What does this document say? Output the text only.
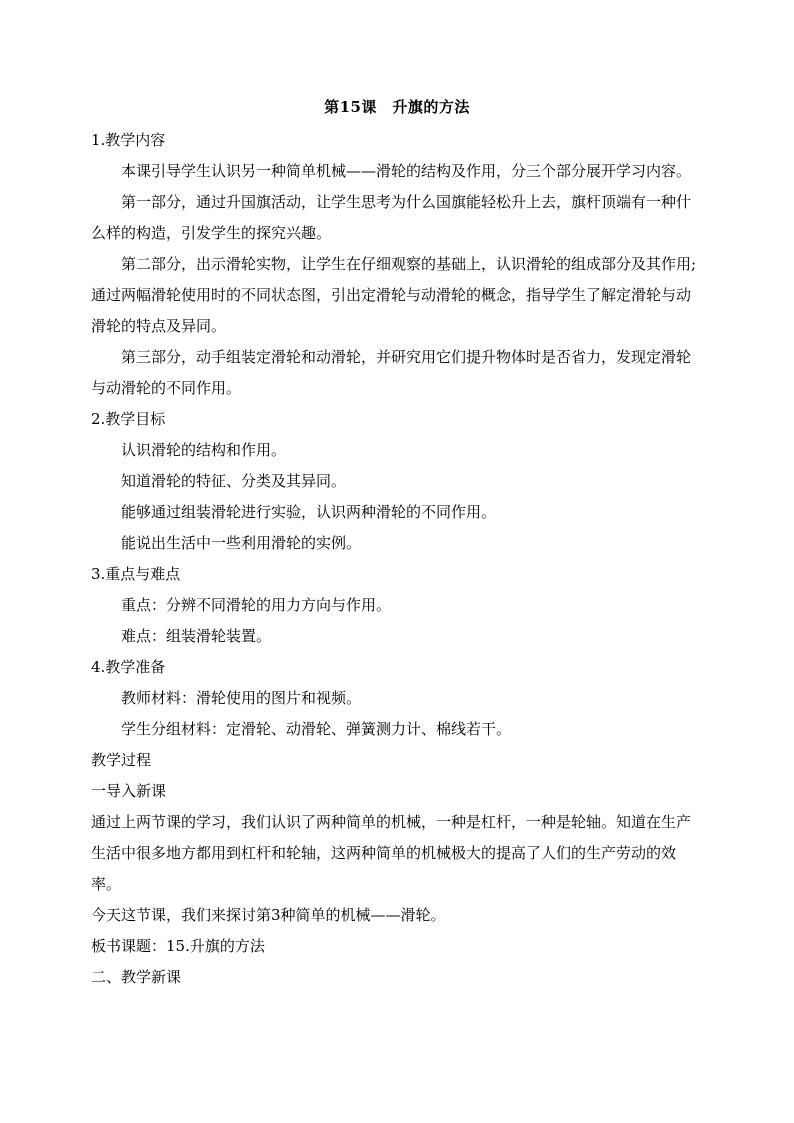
第15课　升旗的方法

1.教学内容

本课引导学生认识另一种简单机械——滑轮的结构及作用，分三个部分展开学习内容。

第一部分，通过升国旗活动，让学生思考为什么国旗能轻松升上去，旗杆顶端有一种什么样的构造，引发学生的探究兴趣。

第二部分，出示滑轮实物，让学生在仔细观察的基础上，认识滑轮的组成部分及其作用;通过两幅滑轮使用时的不同状态图，引出定滑轮与动滑轮的概念，指导学生了解定滑轮与动滑轮的特点及异同。

第三部分，动手组装定滑轮和动滑轮，并研究用它们提升物体时是否省力，发现定滑轮与动滑轮的不同作用。

2.教学目标

认识滑轮的结构和作用。

知道滑轮的特征、分类及其异同。

能够通过组装滑轮进行实验，认识两种滑轮的不同作用。

能说出生活中一些利用滑轮的实例。

3.重点与难点

重点：分辨不同滑轮的用力方向与作用。

难点：组装滑轮装置。

4.教学准备

教师材料：滑轮使用的图片和视频。

学生分组材料：定滑轮、动滑轮、弹簧测力计、棉线若干。

教学过程

一导入新课

通过上两节课的学习，我们认识了两种简单的机械，一种是杠杆，一种是轮轴。知道在生产生活中很多地方都用到杠杆和轮轴，这两种简单的机械极大的提高了人们的生产劳动的效率。

今天这节课，我们来探讨第3种简单的机械——滑轮。

板书课题：15.升旗的方法

二、教学新课
